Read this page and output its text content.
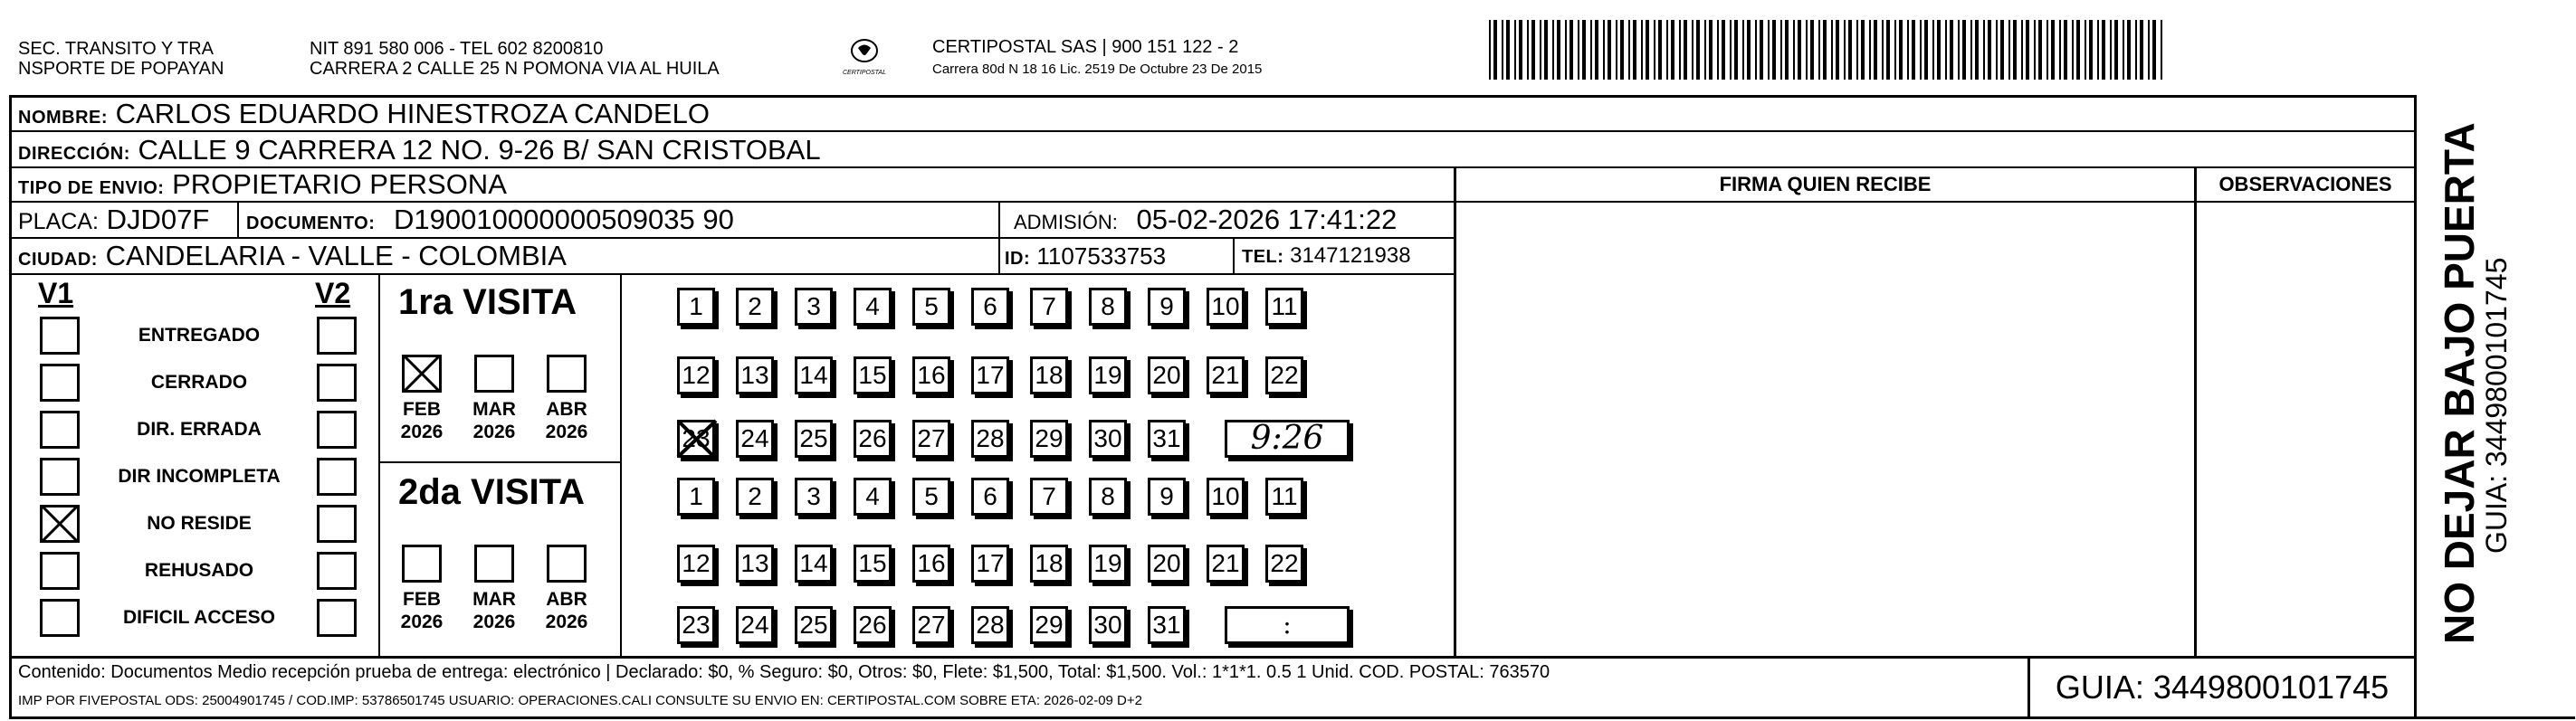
SEC. TRANSITO Y TRA
NSPORTE DE POPAYAN
NIT 891 580 006 - TEL 602 8200810
CARRERA 2 CALLE 25 N POMONA VIA AL HUILA	CERTIPOSTAL
CERTIPOSTAL SAS | 900 151 122 - 2
Carrera 80d N 18 16 Lic. 2519 De Octubre 23 De 2015
NOMBRE: CARLOS EDUARDO HINESTROZA CANDELO
DIRECCIÓN: CALLE 9 CARRERA 12 NO. 9-26 B/ SAN CRISTOBAL
TIPO DE ENVIO: PROPIETARIO PERSONA
PLACA: DJD07F DOCUMENTO: D190010000000509035 90	ADMISIÓN: 05-02-2026 17:41:22
CIUDAD: CANDELARIA - VALLE - COLOMBIA	ID: 1107533753	TEL: 3147121938
FIRMA QUIEN RECIBE	OBSERVACIONES
V1	V2
ENTREGADO
CERRADO
DIR. ERRADA
DIR INCOMPLETA
NO RESIDE
REHUSADO
DIFICIL ACCESO
1ra VISITA
2da VISITA
FEB
2026
MAR
2026
ABR
2026
FEB
2026
MAR
2026
ABR
2026
1	2	3	4	5	6	7	8	9	10 11
12 13 14 15 16 17 18 19 20 21 22
23 24 25 26 27 28 29 30 31	9:26
1	2	3	4	5	6	7	8	9	10 11
12 13 14 15 16 17 18 19 20 21 22
23 24 25 26 27 28 29 30 31	:
Contenido: Documentos Medio recepción prueba de entrega: electrónico | Declarado: $0, % Seguro: $0, Otros: $0, Flete: $1,500, Total: $1,500. Vol.: 1*1*1. 0.5 1 Unid. COD. POSTAL: 763570
IMP POR FIVEPOSTAL ODS: 25004901745 / COD.IMP: 53786501745 USUARIO: OPERACIONES.CALI CONSULTE SU ENVIO EN: CERTIPOSTAL.COM SOBRE ETA: 2026-02-09 D+2	GUIA: 3449800101745
NO DEJAR BAJO PUERTA
GUIA: 3449800101745
